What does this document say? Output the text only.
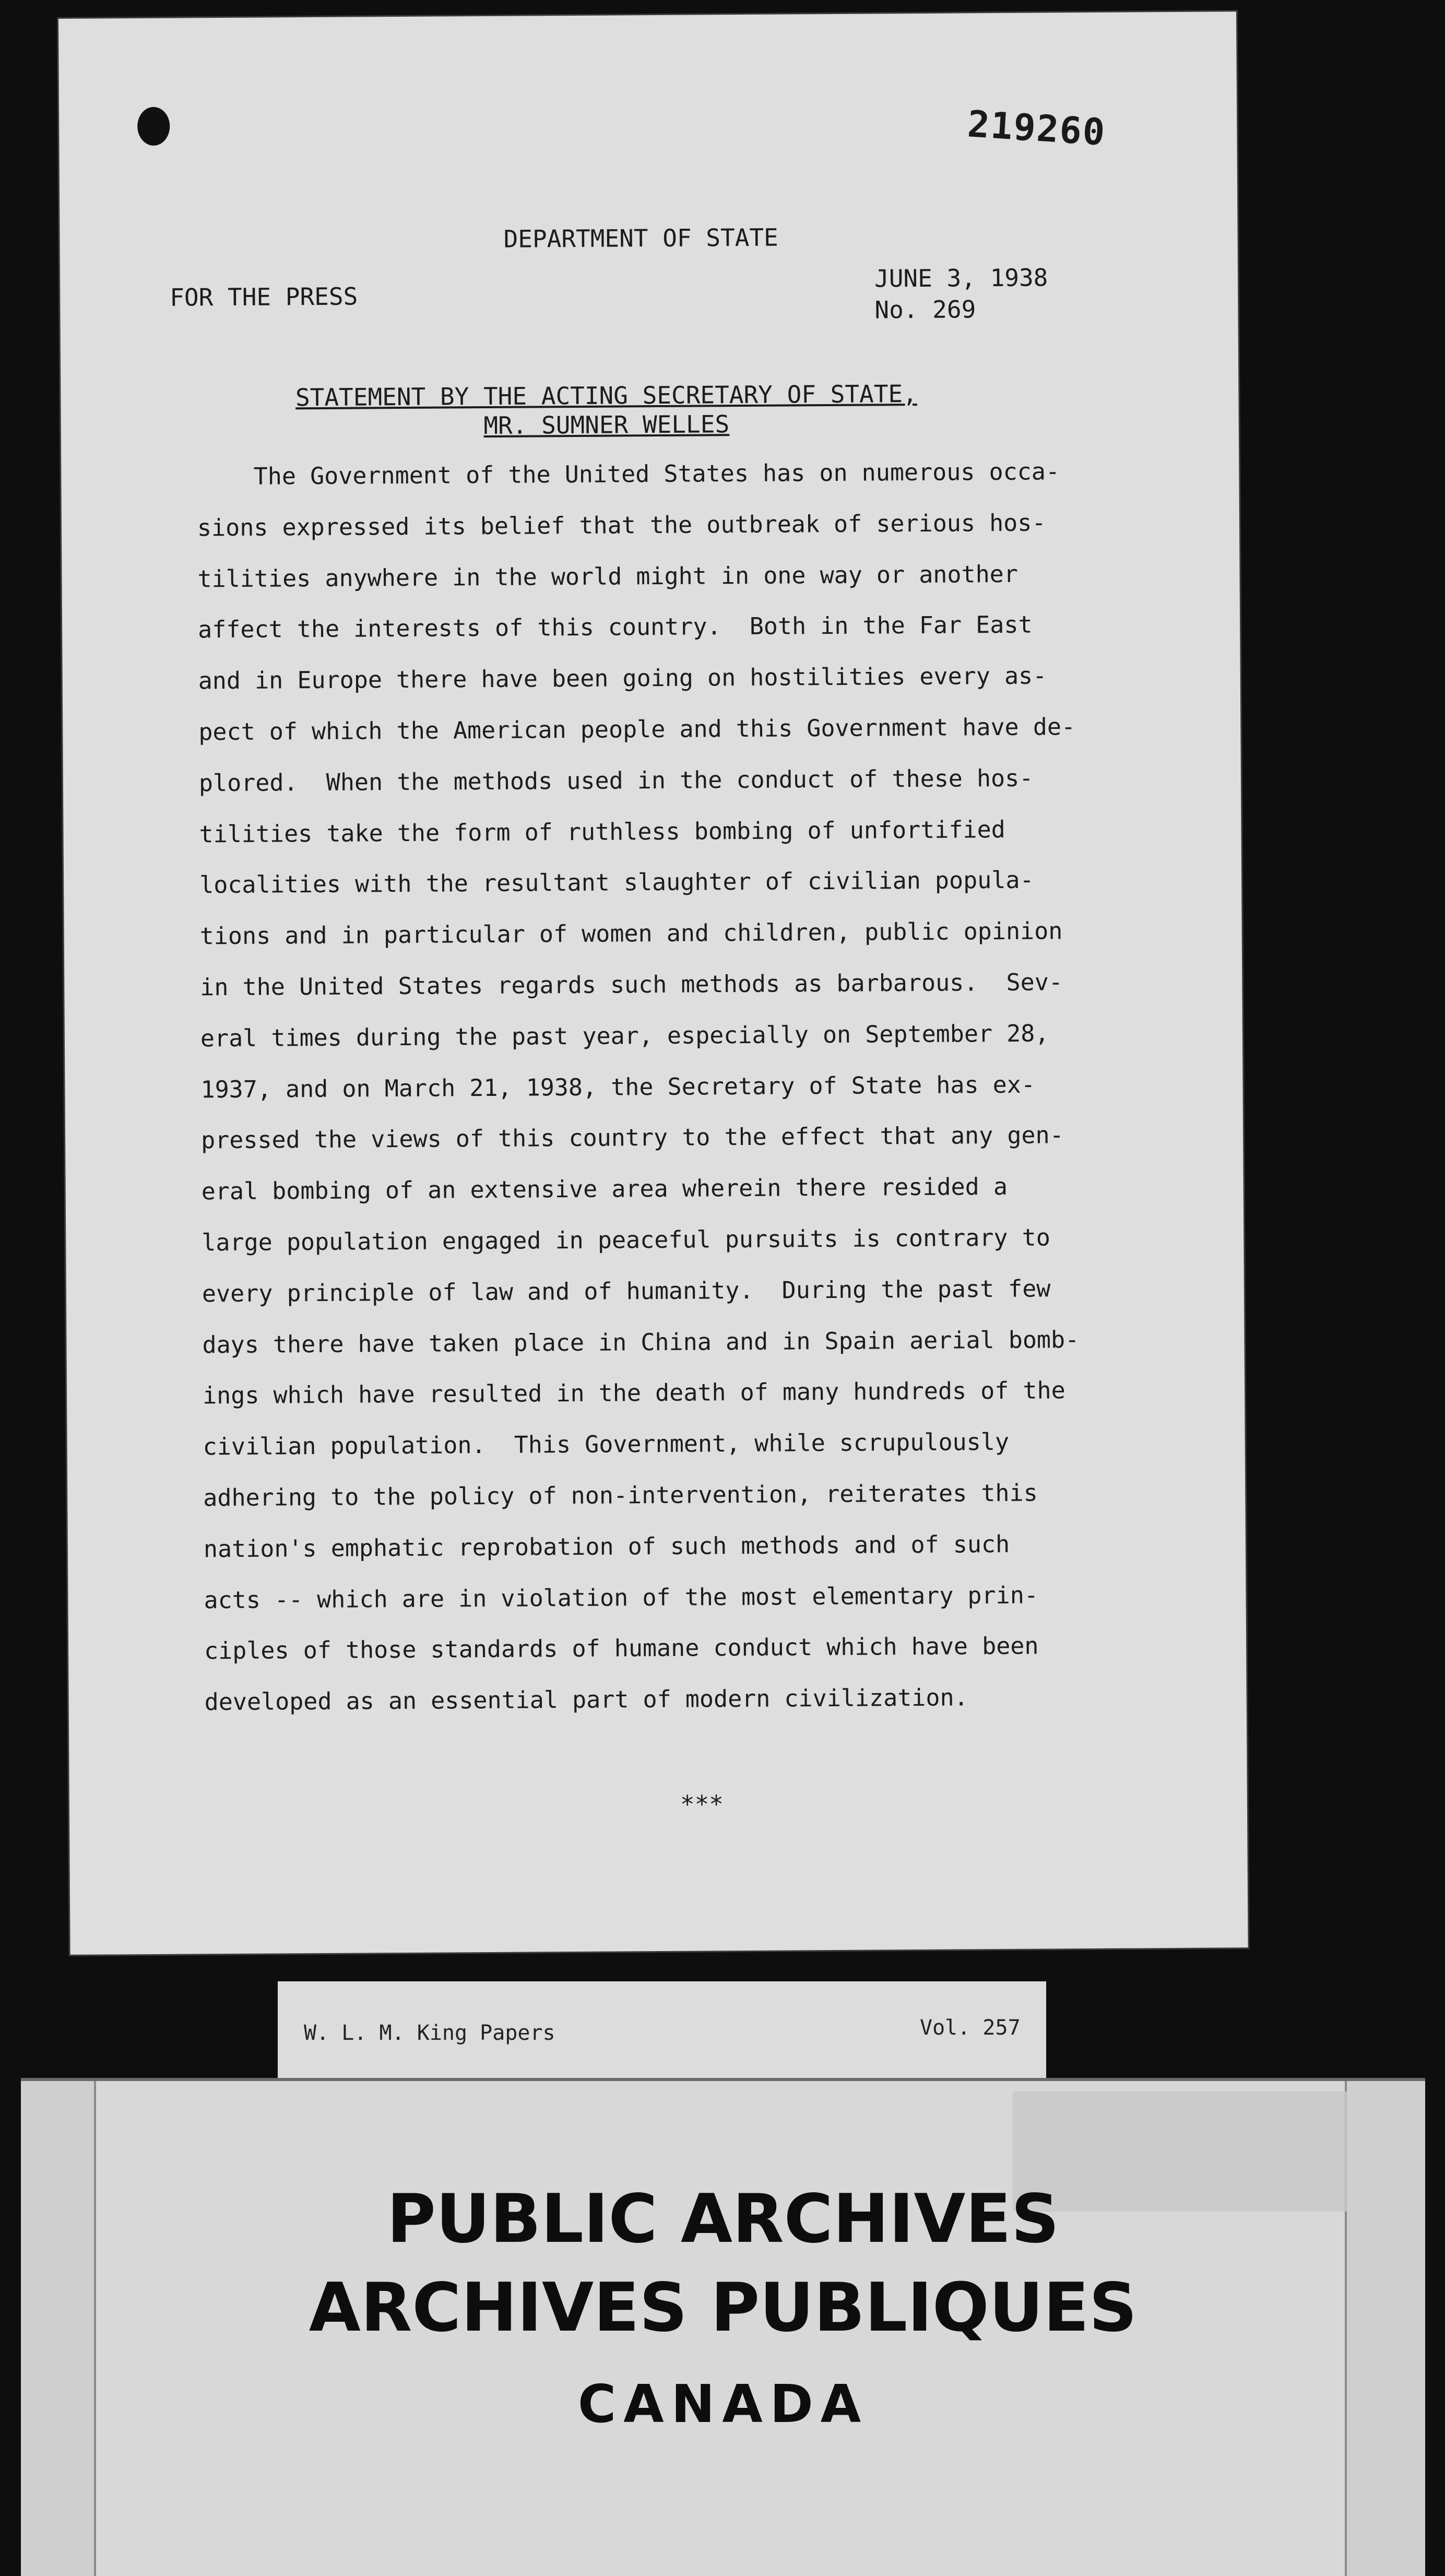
219260
DEPARTMENT OF STATE
FOR THE PRESS
JUNE 3, 1938
No. 269
STATEMENT BY THE ACTING SECRETARY OF STATE,
MR. SUMNER WELLES
The Government of the United States has on numerous occa-
sions expressed its belief that the outbreak of serious hos-
tilities anywhere in the world might in one way or another
affect the interests of this country.  Both in the Far East
and in Europe there have been going on hostilities every as-
pect of which the American people and this Government have de-
plored.  When the methods used in the conduct of these hos-
tilities take the form of ruthless bombing of unfortified
localities with the resultant slaughter of civilian popula-
tions and in particular of women and children, public opinion
in the United States regards such methods as barbarous.  Sev-
eral times during the past year, especially on September 28,
1937, and on March 21, 1938, the Secretary of State has ex-
pressed the views of this country to the effect that any gen-
eral bombing of an extensive area wherein there resided a
large population engaged in peaceful pursuits is contrary to
every principle of law and of humanity.  During the past few
days there have taken place in China and in Spain aerial bomb-
ings which have resulted in the death of many hundreds of the
civilian population.  This Government, while scrupulously
adhering to the policy of non-intervention, reiterates this
nation's emphatic reprobation of such methods and of such
acts -- which are in violation of the most elementary prin-
ciples of those standards of humane conduct which have been
developed as an essential part of modern civilization.
***
W. L. M. King Papers	Vol. 257
PUBLIC ARCHIVES
ARCHIVES PUBLIQUES
CANADA
